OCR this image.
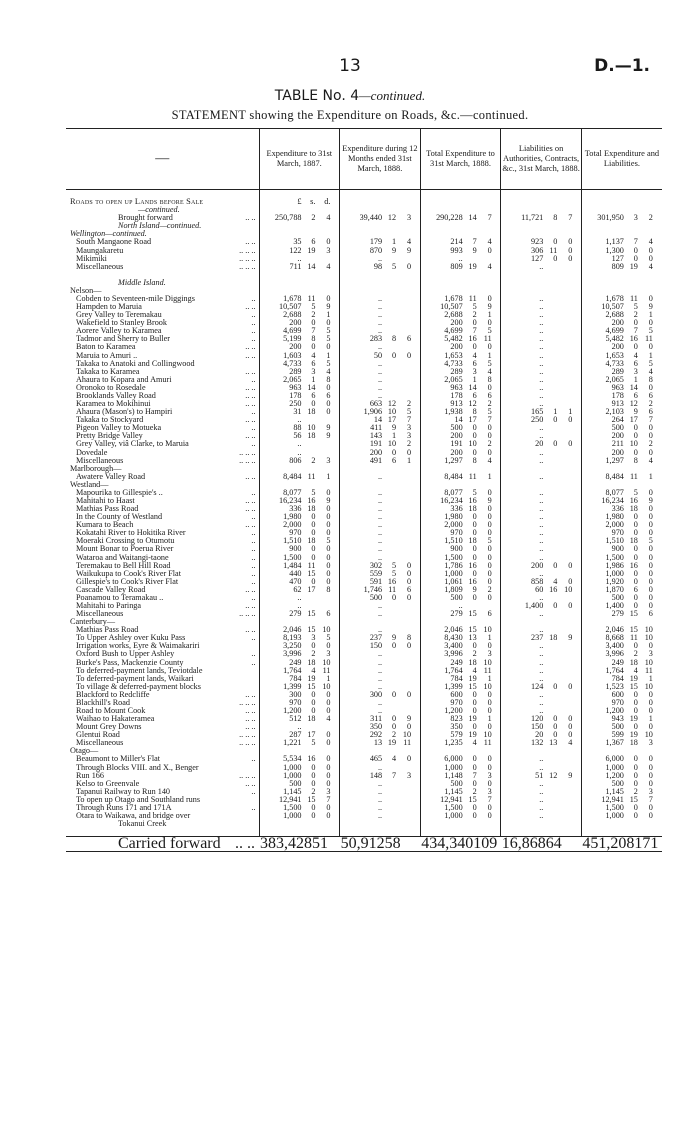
13	D.—1.
TABLE No. 4—continued.
STATEMENT showing the Expenditure on Roads, &c.—continued.
—	Expenditure to 31st March, 1887.	Expenditure during 12 Months ended 31st March, 1888.	Total Expenditure to 31st March, 1888.	Liabilities on Authorities, Contracts, &c., 31st March, 1888.	Total Expenditure and Liabilities.

Roads to open up Lands before Sale	£ s. d.				
—continued.					
Brought forward .. ..	250,788 2 4	39,440 12 3	290,228 14 7	11,721 8 7	301,950 3 2
North Island—continued.					
Wellington—continued.					
South Mangaone Road .. ..	35 6 0	179 1 4	214 7 4	923 0 0	1,137 7 4
Maungakaretu .. .. ..	122 19 3	870 9 9	993 9 0	306 11 0	1,300 0 0
Mikimiki .. .. ..	..	..	..	127 0 0	127 0 0
Miscellaneous .. .. ..	711 14 4	98 5 0	809 19 4	..	809 19 4

Middle Island.					
Nelson—					
Cobden to Seventeen-mile Diggings ..	1,678 11 0	..	1,678 11 0	..	1,678 11 0
Hampden to Maruia .. ..	10,507 5 9	..	10,507 5 9	..	10,507 5 9
Grey Valley to Teremakau ..	2,688 2 1	..	2,688 2 1	..	2,688 2 1
Wakefield to Stanley Brook ..	200 0 0	..	200 0 0	..	200 0 0
Aorere Valley to Karamea ..	4,699 7 5	..	4,699 7 5	..	4,699 7 5
Tadmor and Sherry to Buller ..	5,199 8 5	283 8 6	5,482 16 11	..	5,482 16 11
Baton to Karamea .. ..	200 0 0	..	200 0 0	..	200 0 0
Maruia to Amuri .. .. ..	1,603 4 1	50 0 0	1,653 4 1	..	1,653 4 1
Takaka to Anatoki and Collingwood	4,733 6 5	..	4,733 6 5	..	4,733 6 5
Takaka to Karamea .. ..	289 3 4	..	289 3 4	..	289 3 4
Ahaura to Kopara and Amuri ..	2,065 1 8	..	2,065 1 8	..	2,065 1 8
Oronoko to Rosedale .. ..	963 14 0	..	963 14 0	..	963 14 0
Brooklands Valley Road .. ..	178 6 6	..	178 6 6	..	178 6 6
Karamea to Mokihinui .. ..	250 0 0	663 12 2	913 12 2	..	913 12 2
Ahaura (Mason's) to Hampiri ..	31 18 0	1,906 10 5	1,938 8 5	165 1 1	2,103 9 6
Takaka to Stockyard .. ..	..	14 17 7	14 17 7	250 0 0	264 17 7
Pigeon Valley to Motueka ..	88 10 9	411 9 3	500 0 0	..	500 0 0
Pretty Bridge Valley .. ..	56 18 9	143 1 3	200 0 0	..	200 0 0
Grey Valley, viâ Clarke, to Maruia ..	..	191 10 2	191 10 2	20 0 0	211 10 2
Dovedale .. .. ..	..	200 0 0	200 0 0	..	200 0 0
Miscellaneous .. .. ..	806 2 3	491 6 1	1,297 8 4	..	1,297 8 4
Marlborough—					
Awatere Valley Road .. ..	8,484 11 1	..	8,484 11 1	..	8,484 11 1
Westland—					
Mapourika to Gillespie's .. ..	8,077 5 0	..	8,077 5 0	..	8,077 5 0
Mahitahi to Haast .. ..	16,234 16 9	..	16,234 16 9	..	16,234 16 9
Mathias Pass Road .. ..	336 18 0	..	336 18 0	..	336 18 0
In the County of Westland ..	1,980 0 0	..	1,980 0 0	..	1,980 0 0
Kumara to Beach .. ..	2,000 0 0	..	2,000 0 0	..	2,000 0 0
Kokatahi River to Hokitika River ..	970 0 0	..	970 0 0	..	970 0 0
Moeraki Crossing to Otumotu ..	1,510 18 5	..	1,510 18 5	..	1,510 18 5
Mount Bonar to Poerua River ..	900 0 0	..	900 0 0	..	900 0 0
Wataroa and Waitangi-taone ..	1,500 0 0	..	1,500 0 0	..	1,500 0 0
Teremakau to Bell Hill Road ..	1,484 11 0	302 5 0	1,786 16 0	200 0 0	1,986 16 0
Waikukupa to Cook's River Flat ..	440 15 0	559 5 0	1,000 0 0	..	1,000 0 0
Gillespie's to Cook's River Flat ..	470 0 0	591 16 0	1,061 16 0	858 4 0	1,920 0 0
Cascade Valley Road .. ..	62 17 8	1,746 11 6	1,809 9 2	60 16 10	1,870 6 0
Poanamou to Teramakau .. ..	..	500 0 0	500 0 0	..	500 0 0
Mahitahi to Paringa .. ..	..	..	..	1,400 0 0	1,400 0 0
Miscellaneous .. .. ..	279 15 6	..	279 15 6	..	279 15 6
Canterbury—					
Mathias Pass Road .. ..	2,046 15 10	..	2,046 15 10	..	2,046 15 10
To Upper Ashley over Kuku Pass ..	8,193 3 5	237 9 8	8,430 13 1	237 18 9	8,668 11 10
Irrigation works, Eyre & Waimakariri	3,250 0 0	150 0 0	3,400 0 0	..	3,400 0 0
Oxford Bush to Upper Ashley ..	3,996 2 3	..	3,996 2 3	..	3,996 2 3
Burke's Pass, Mackenzie County ..	249 18 10	..	249 18 10	..	249 18 10
To deferred-payment lands, Teviotdale	1,764 4 11	..	1,764 4 11	..	1,764 4 11
To deferred-payment lands, Waikari	784 19 1	..	784 19 1	..	784 19 1
To village & deferred-payment blocks	1,399 15 10	..	1,399 15 10	124 0 0	1,523 15 10
Blackford to Redcliffe .. ..	300 0 0	300 0 0	600 0 0	..	600 0 0
Blackhill's Road .. .. ..	970 0 0	..	970 0 0	..	970 0 0
Road to Mount Cook .. ..	1,200 0 0	..	1,200 0 0	..	1,200 0 0
Waihao to Hakateramea .. ..	512 18 4	311 0 9	823 19 1	120 0 0	943 19 1
Mount Grey Downs .. ..	..	350 0 0	350 0 0	150 0 0	500 0 0
Glentui Road .. .. ..	287 17 0	292 2 10	579 19 10	20 0 0	599 19 10
Miscellaneous .. .. ..	1,221 5 0	13 19 11	1,235 4 11	132 13 4	1,367 18 3
Otago—					
Beaumont to Miller's Flat ..	5,534 16 0	465 4 0	6,000 0 0	..	6,000 0 0
Through Blocks VIII. and X., Benger	1,000 0 0	..	1,000 0 0	..	1,000 0 0
Run 166 .. .. ..	1,000 0 0	148 7 3	1,148 7 3	51 12 9	1,200 0 0
Kelso to Greenvale .. ..	500 0 0	..	500 0 0	..	500 0 0
Tapanui Railway to Run 140 ..	1,145 2 3	..	1,145 2 3	..	1,145 2 3
To open up Otago and Southland runs	12,941 15 7	..	12,941 15 7	..	12,941 15 7
Through Runs 171 and 171A ..	1,500 0 0	..	1,500 0 0	..	1,500 0 0
Otara to Waikawa, and bridge over	1,000 0 0	..	1,000 0 0	..	1,000 0 0
Tokanui Creek					

Carried forward .. ..	383,42851	50,91258	434,340109	16,86864	451,208171
